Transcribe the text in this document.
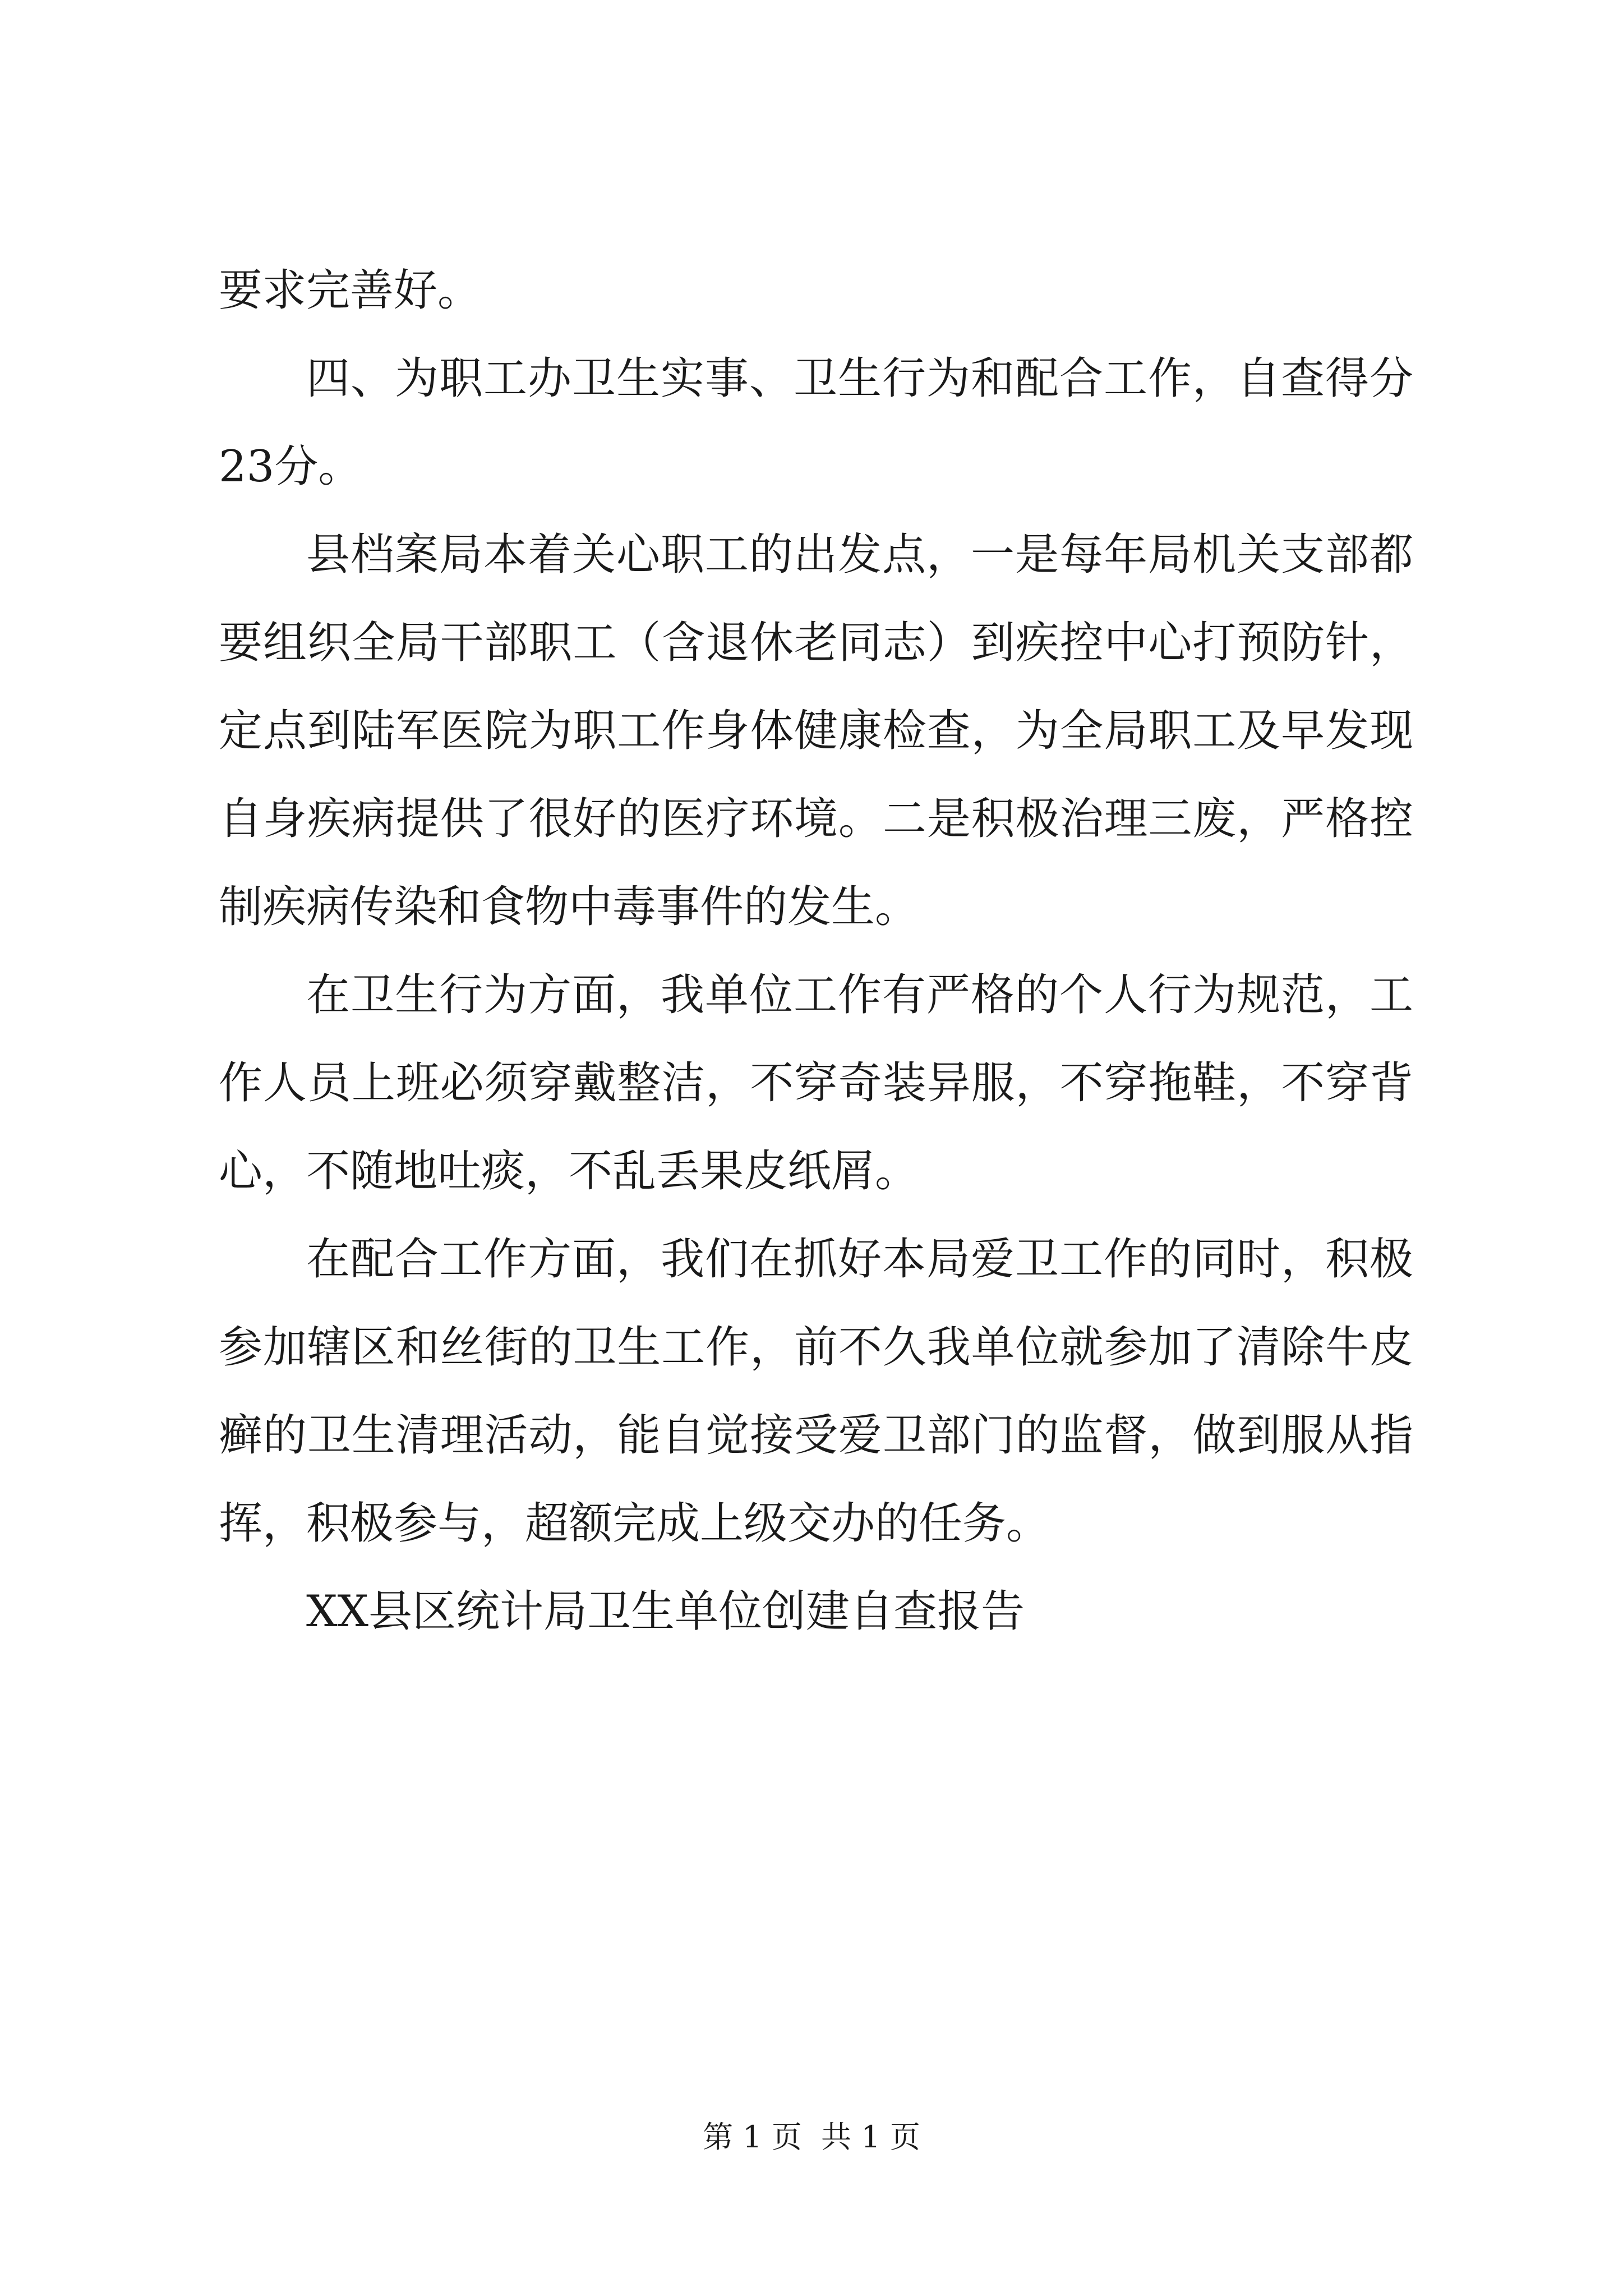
要求完善好。

四、为职工办卫生实事、卫生行为和配合工作，自查得分23分。

县档案局本着关心职工的出发点，一是每年局机关支部都要组织全局干部职工（含退休老同志）到疾控中心打预防针，定点到陆军医院为职工作身体健康检查，为全局职工及早发现自身疾病提供了很好的医疗环境。二是积极治理三废，严格控制疾病传染和食物中毒事件的发生。

在卫生行为方面，我单位工作有严格的个人行为规范，工作人员上班必须穿戴整洁，不穿奇装异服，不穿拖鞋，不穿背心，不随地吐痰，不乱丢果皮纸屑。

在配合工作方面，我们在抓好本局爱卫工作的同时，积极参加辖区和丝街的卫生工作，前不久我单位就参加了清除牛皮癣的卫生清理活动，能自觉接受爱卫部门的监督，做到服从指挥，积极参与，超额完成上级交办的任务。

XX县区统计局卫生单位创建自查报告

第 1 页  共 1 页
